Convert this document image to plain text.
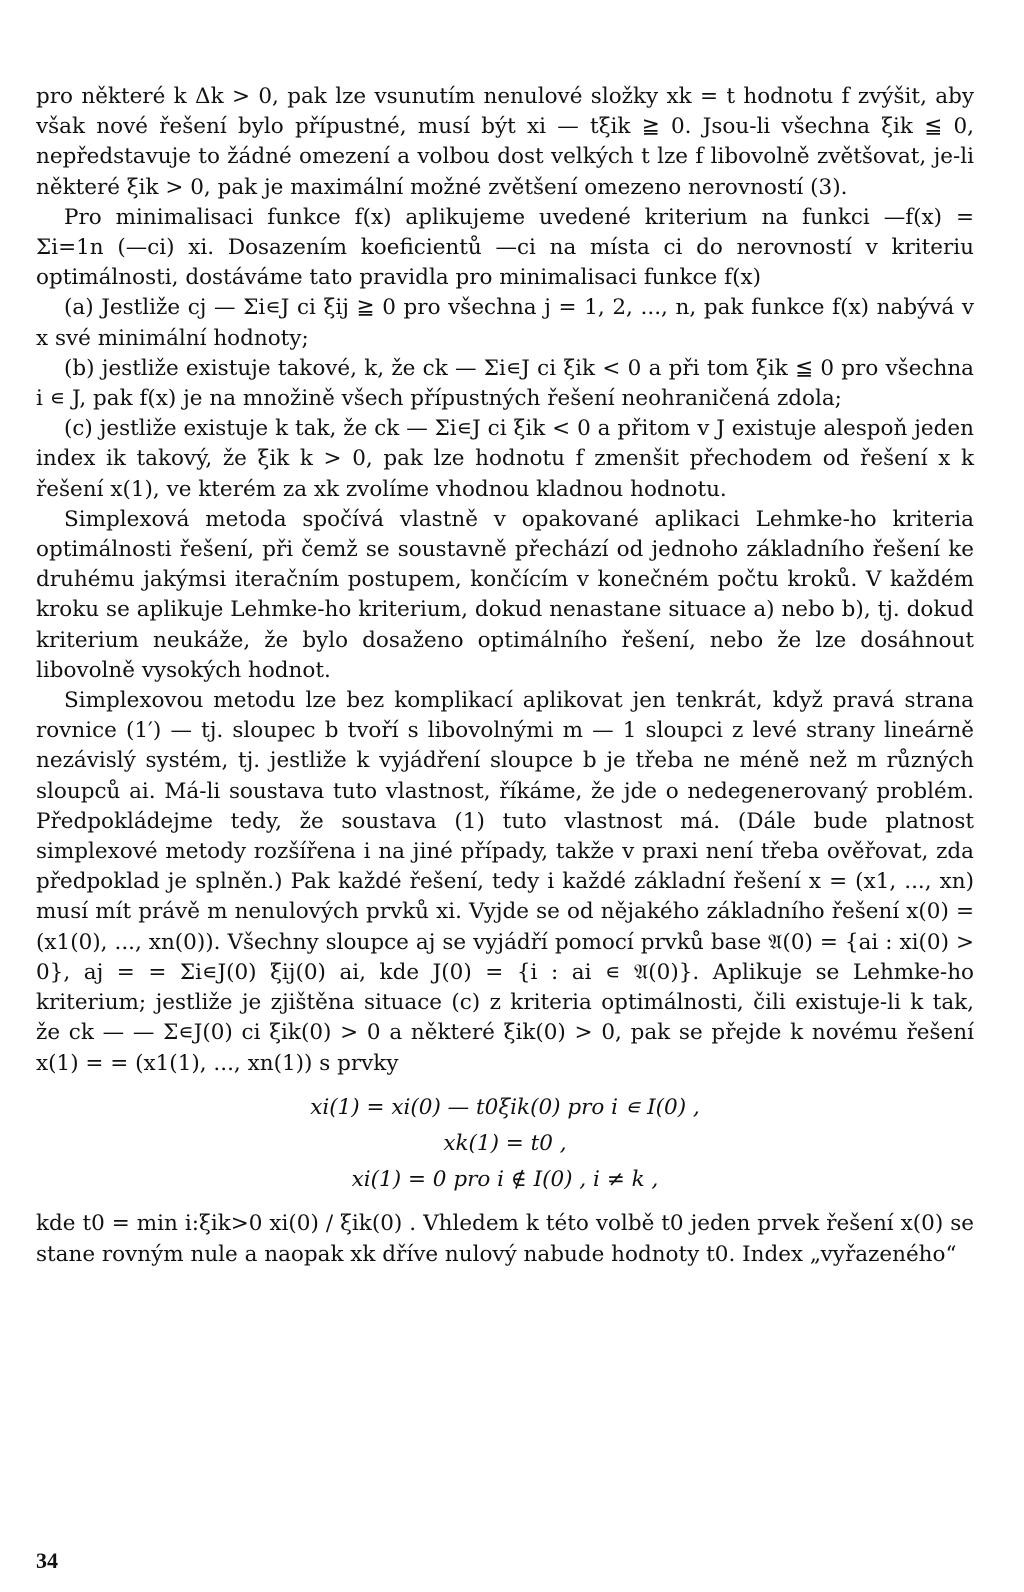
pro některé k Δk > 0, pak lze vsunutím nenulové složky xk = t hodnotu f zvýšit, aby však nové řešení bylo přípustné, musí být xi — tξik ≧ 0. Jsou-li všechna ξik ≦ 0, nepředstavuje to žádné omezení a volbou dost velkých t lze f libovolně zvětšovat, je-li některé ξik > 0, pak je maximální možné zvětšení omezeno nerovností (3).

Pro minimalisaci funkce f(x) aplikujeme uvedené kriterium na funkci —f(x) = Σi=1n (—ci) xi. Dosazením koeficientů —ci na místa ci do nerovností v kriteriu optimálnosti, dostáváme tato pravidla pro minimalisaci funkce f(x)

(a) Jestliže cj — Σi∊J ci ξij ≧ 0 pro všechna j = 1, 2, ..., n, pak funkce f(x) nabývá v x své minimální hodnoty;

(b) jestliže existuje takové, k, že ck — Σi∊J ci ξik < 0 a při tom ξik ≦ 0 pro všechna i ∊ J, pak f(x) je na množině všech přípustných řešení neohraničená zdola;

(c) jestliže existuje k tak, že ck — Σi∊J ci ξik < 0 a přitom v J existuje alespoň jeden index ik takový, že ξik k > 0, pak lze hodnotu f zmenšit přechodem od řešení x k řešení x(1), ve kterém za xk zvolíme vhodnou kladnou hodnotu.

Simplexová metoda spočívá vlastně v opakované aplikaci Lehmke-ho kriteria optimálnosti řešení, při čemž se soustavně přechází od jednoho základního řešení ke druhému jakýmsi iteračním postupem, končícím v konečném počtu kroků. V každém kroku se aplikuje Lehmke-ho kriterium, dokud nenastane situace a) nebo b), tj. dokud kriterium neukáže, že bylo dosaženo optimálního řešení, nebo že lze dosáhnout libovolně vysokých hodnot.

Simplexovou metodu lze bez komplikací aplikovat jen tenkrát, když pravá strana rovnice (1′) — tj. sloupec b tvoří s libovolnými m — 1 sloupci z levé strany lineárně nezávislý systém, tj. jestliže k vyjádření sloupce b je třeba ne méně než m různých sloupců ai. Má-li soustava tuto vlastnost, říkáme, že jde o nedegenerovaný problém. Předpokládejme tedy, že soustava (1) tuto vlastnost má. (Dále bude platnost simplexové metody rozšířena i na jiné případy, takže v praxi není třeba ověřovat, zda předpoklad je splněn.) Pak každé řešení, tedy i každé základní řešení x = (x1, ..., xn) musí mít právě m nenulových prvků xi. Vyjde se od nějakého základního řešení x(0) = (x1(0), ..., xn(0)). Všechny sloupce aj se vyjádří pomocí prvků base 𝔄(0) = {ai : xi(0) > 0}, aj = = Σi∊J(0) ξij(0) ai, kde J(0) = {i : ai ∊ 𝔄(0)}. Aplikuje se Lehmke-ho kriterium; jestliže je zjištěna situace (c) z kriteria optimálnosti, čili existuje-li k tak, že ck — — Σ∊J(0) ci ξik(0) > 0 a některé ξik(0) > 0, pak se přejde k novému řešení x(1) = = (x1(1), ..., xn(1)) s prvky

xi(1) = xi(0) — t0ξik(0) pro i ∊ I(0) ,
xk(1) = t0 ,
xi(1) = 0 pro i ∉ I(0) , i ≠ k ,

kde t0 = min i:ξik>0 xi(0) / ξik(0) . Vhledem k této volbě t0 jeden prvek řešení x(0) se stane rovným nule a naopak xk dříve nulový nabude hodnoty t0. Index „vyřazeného“

34
